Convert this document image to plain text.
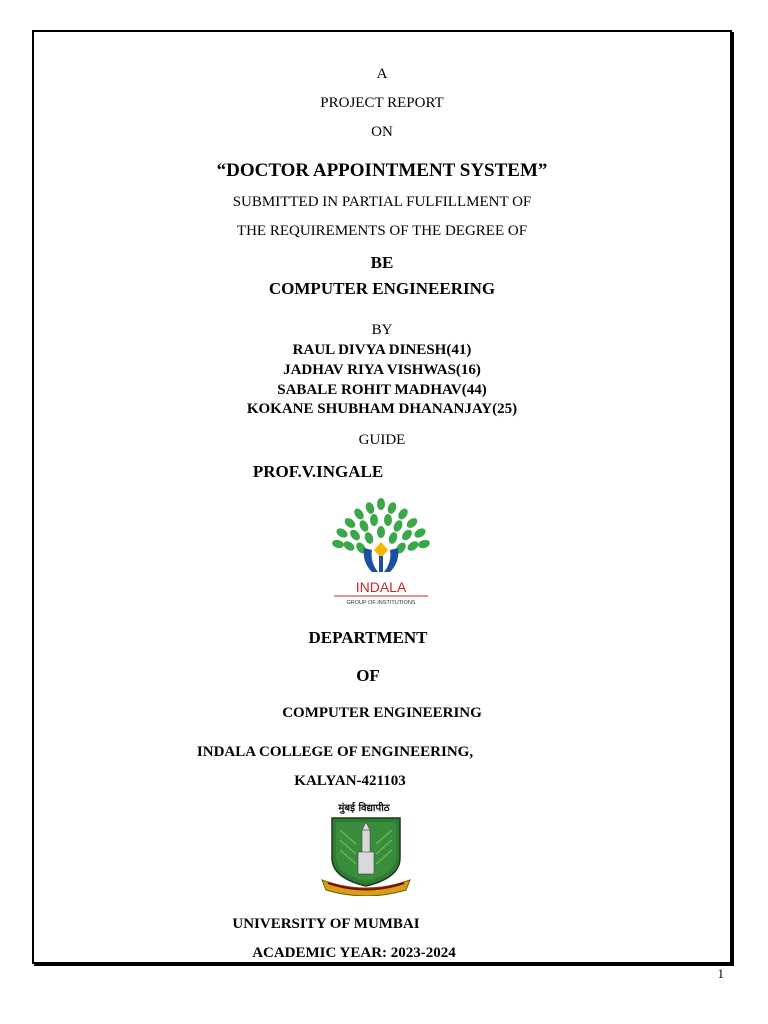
A
PROJECT REPORT
ON
“DOCTOR APPOINTMENT SYSTEM”
SUBMITTED IN PARTIAL FULFILLMENT OF
THE REQUIREMENTS OF THE DEGREE OF
BE
COMPUTER ENGINEERING
BY
RAUL DIVYA DINESH(41)
JADHAV RIYA VISHWAS(16)
SABALE ROHIT MADHAV(44)
KOKANE SHUBHAM DHANANJAY(25)
GUIDE
PROF.V.INGALE
INDALA
GROUP OF INSTITUTIONS
DEPARTMENT
OF
COMPUTER ENGINEERING
INDALA COLLEGE OF ENGINEERING,
KALYAN-421103
मुंबई विद्यापीठ
UNIVERSITY OF MUMBAI
ACADEMIC YEAR: 2023-2024
1
